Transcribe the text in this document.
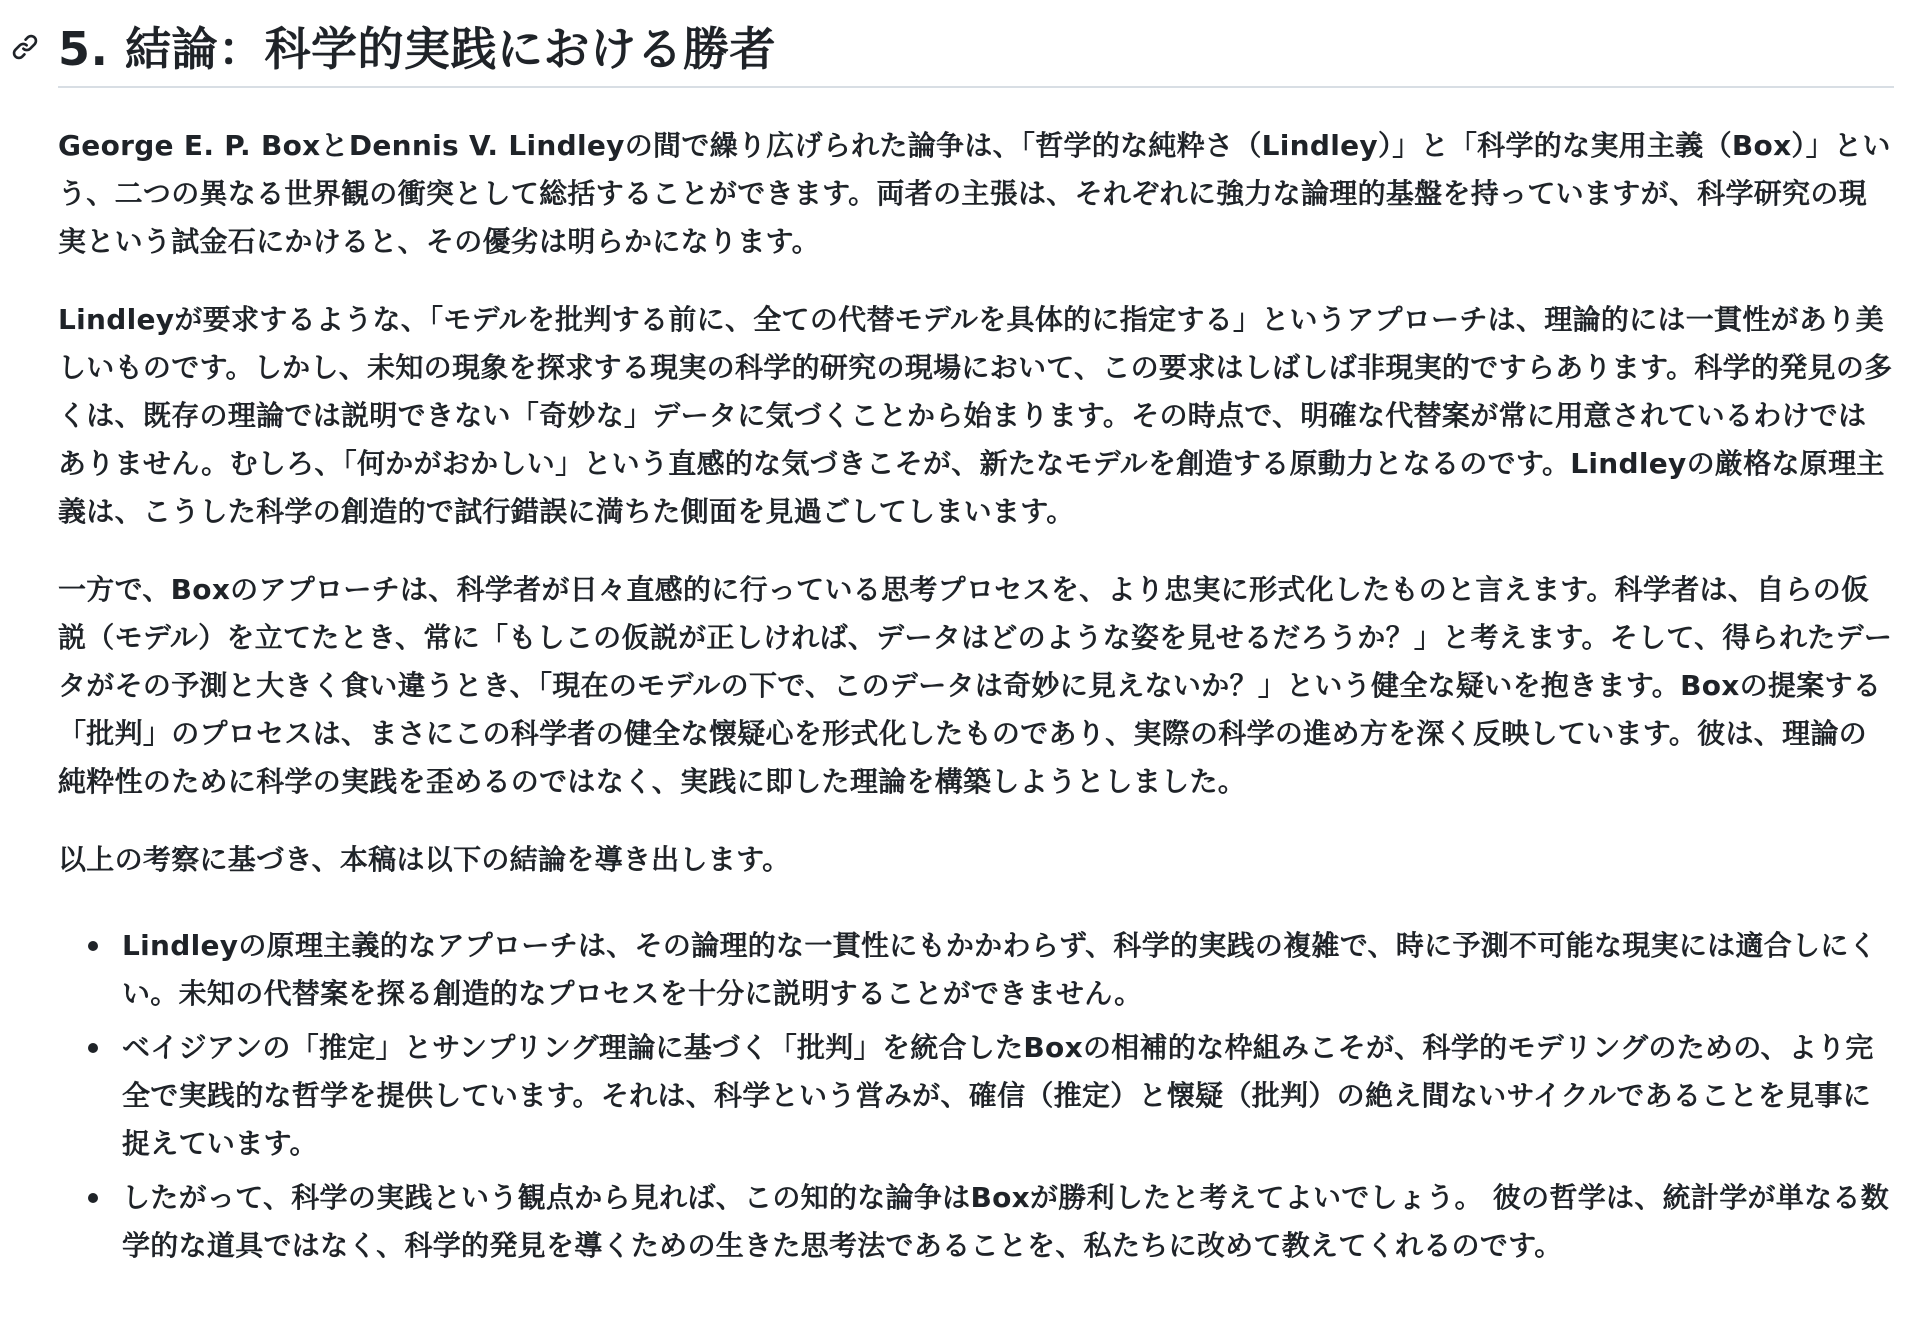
5. 結論：科学的実践における勝者

George E. P. BoxとDennis V. Lindleyの間で繰り広げられた論争は、「哲学的な純粋さ（Lindley）」と「科学的な実用主義（Box）」という、二つの異なる世界観の衝突として総括することができます。両者の主張は、それぞれに強力な論理的基盤を持っていますが、科学研究の現実という試金石にかけると、その優劣は明らかになります。

Lindleyが要求するような、「モデルを批判する前に、全ての代替モデルを具体的に指定する」というアプローチは、理論的には一貫性があり美しいものです。しかし、未知の現象を探求する現実の科学的研究の現場において、この要求はしばしば非現実的ですらあります。科学的発見の多くは、既存の理論では説明できない「奇妙な」データに気づくことから始まります。その時点で、明確な代替案が常に用意されているわけではありません。むしろ、「何かがおかしい」という直感的な気づきこそが、新たなモデルを創造する原動力となるのです。Lindleyの厳格な原理主義は、こうした科学の創造的で試行錯誤に満ちた側面を見過ごしてしまいます。

一方で、Boxのアプローチは、科学者が日々直感的に行っている思考プロセスを、より忠実に形式化したものと言えます。科学者は、自らの仮説（モデル）を立てたとき、常に「もしこの仮説が正しければ、データはどのような姿を見せるだろうか？」と考えます。そして、得られたデータがその予測と大きく食い違うとき、「現在のモデルの下で、このデータは奇妙に見えないか？」という健全な疑いを抱きます。Boxの提案する「批判」のプロセスは、まさにこの科学者の健全な懐疑心を形式化したものであり、実際の科学の進め方を深く反映しています。彼は、理論の純粋性のために科学の実践を歪めるのではなく、実践に即した理論を構築しようとしました。

以上の考察に基づき、本稿は以下の結論を導き出します。

Lindleyの原理主義的なアプローチは、その論理的な一貫性にもかかわらず、科学的実践の複雑で、時に予測不可能な現実には適合しにくい。未知の代替案を探る創造的なプロセスを十分に説明することができません。
ベイジアンの「推定」とサンプリング理論に基づく「批判」を統合したBoxの相補的な枠組みこそが、科学的モデリングのための、より完全で実践的な哲学を提供しています。それは、科学という営みが、確信（推定）と懐疑（批判）の絶え間ないサイクルであることを見事に捉えています。
したがって、科学の実践という観点から見れば、この知的な論争はBoxが勝利したと考えてよいでしょう。 彼の哲学は、統計学が単なる数学的な道具ではなく、科学的発見を導くための生きた思考法であることを、私たちに改めて教えてくれるのです。
